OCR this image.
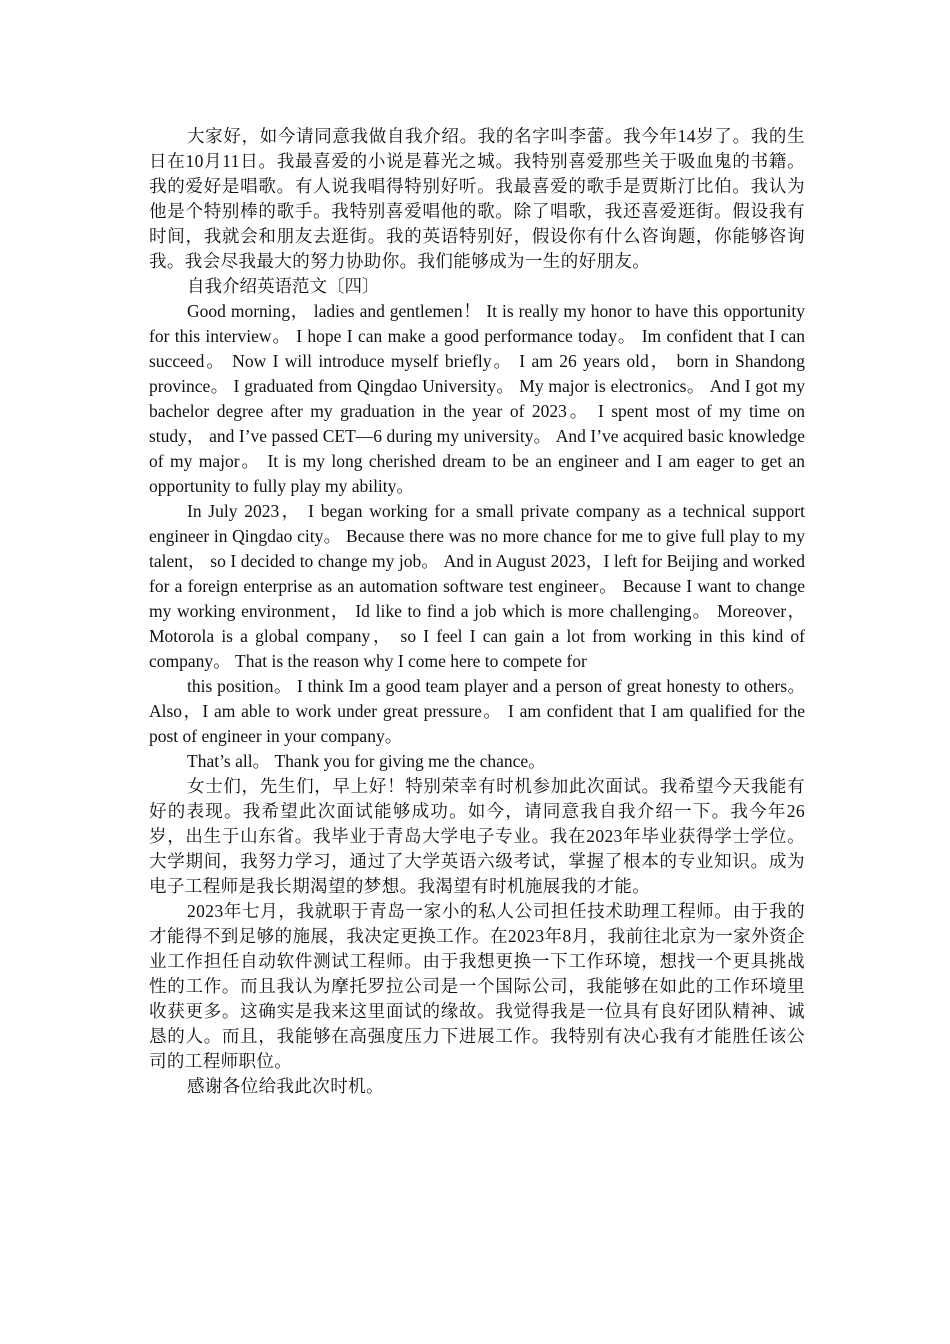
大家好，如今请同意我做自我介绍。我的名字叫李蕾。我今年14岁了。我的生日在10月11日。我最喜爱的小说是暮光之城。我特别喜爱那些关于吸血鬼的书籍。我的爱好是唱歌。有人说我唱得特别好听。我最喜爱的歌手是贾斯汀比伯。我认为他是个特别棒的歌手。我特别喜爱唱他的歌。除了唱歌，我还喜爱逛街。假设我有时间，我就会和朋友去逛街。我的英语特别好，假设你有什么咨询题，你能够咨询我。我会尽我最大的努力协助你。我们能够成为一生的好朋友。

自我介绍英语范文〔四〕

Good morning， ladies and gentlemen！ It is really my honor to have this opportunity for this interview。 I hope I can make a good performance today。 Im confident that I can succeed。 Now I will introduce myself briefly。 I am 26 years old， born in Shandong province。 I graduated from Qingdao University。 My major is electronics。 And I got my bachelor degree after my graduation in the year of 2023。 I spent most of my time on study， and I’ve passed CET—6 during my university。 And I’ve acquired basic knowledge of my major。 It is my long cherished dream to be an engineer and I am eager to get an opportunity to fully play my ability。

In July 2023， I began working for a small private company as a technical support engineer in Qingdao city。 Because there was no more chance for me to give full play to my talent， so I decided to change my job。 And in August 2023，I left for Beijing and worked for a foreign enterprise as an automation software test engineer。 Because I want to change my working environment， Id like to find a job which is more challenging。 Moreover，Motorola is a global company， so I feel I can gain a lot from working in this kind of company。 That is the reason why I come here to compete for

this position。 I think Im a good team player and a person of great honesty to others。 Also，I am able to work under great pressure。 I am confident that I am qualified for the post of engineer in your company。

That’s all。 Thank you for giving me the chance。

女士们，先生们，早上好！特别荣幸有时机参加此次面试。我希望今天我能有好的表现。我希望此次面试能够成功。如今，请同意我自我介绍一下。我今年26岁，出生于山东省。我毕业于青岛大学电子专业。我在2023年毕业获得学士学位。大学期间，我努力学习，通过了大学英语六级考试，掌握了根本的专业知识。成为电子工程师是我长期渴望的梦想。我渴望有时机施展我的才能。

2023年七月，我就职于青岛一家小的私人公司担任技术助理工程师。由于我的才能得不到足够的施展，我决定更换工作。在2023年8月，我前往北京为一家外资企业工作担任自动软件测试工程师。由于我想更换一下工作环境，想找一个更具挑战性的工作。而且我认为摩托罗拉公司是一个国际公司，我能够在如此的工作环境里收获更多。这确实是我来这里面试的缘故。我觉得我是一位具有良好团队精神、诚恳的人。而且，我能够在高强度压力下进展工作。我特别有决心我有才能胜任该公司的工程师职位。

感谢各位给我此次时机。
